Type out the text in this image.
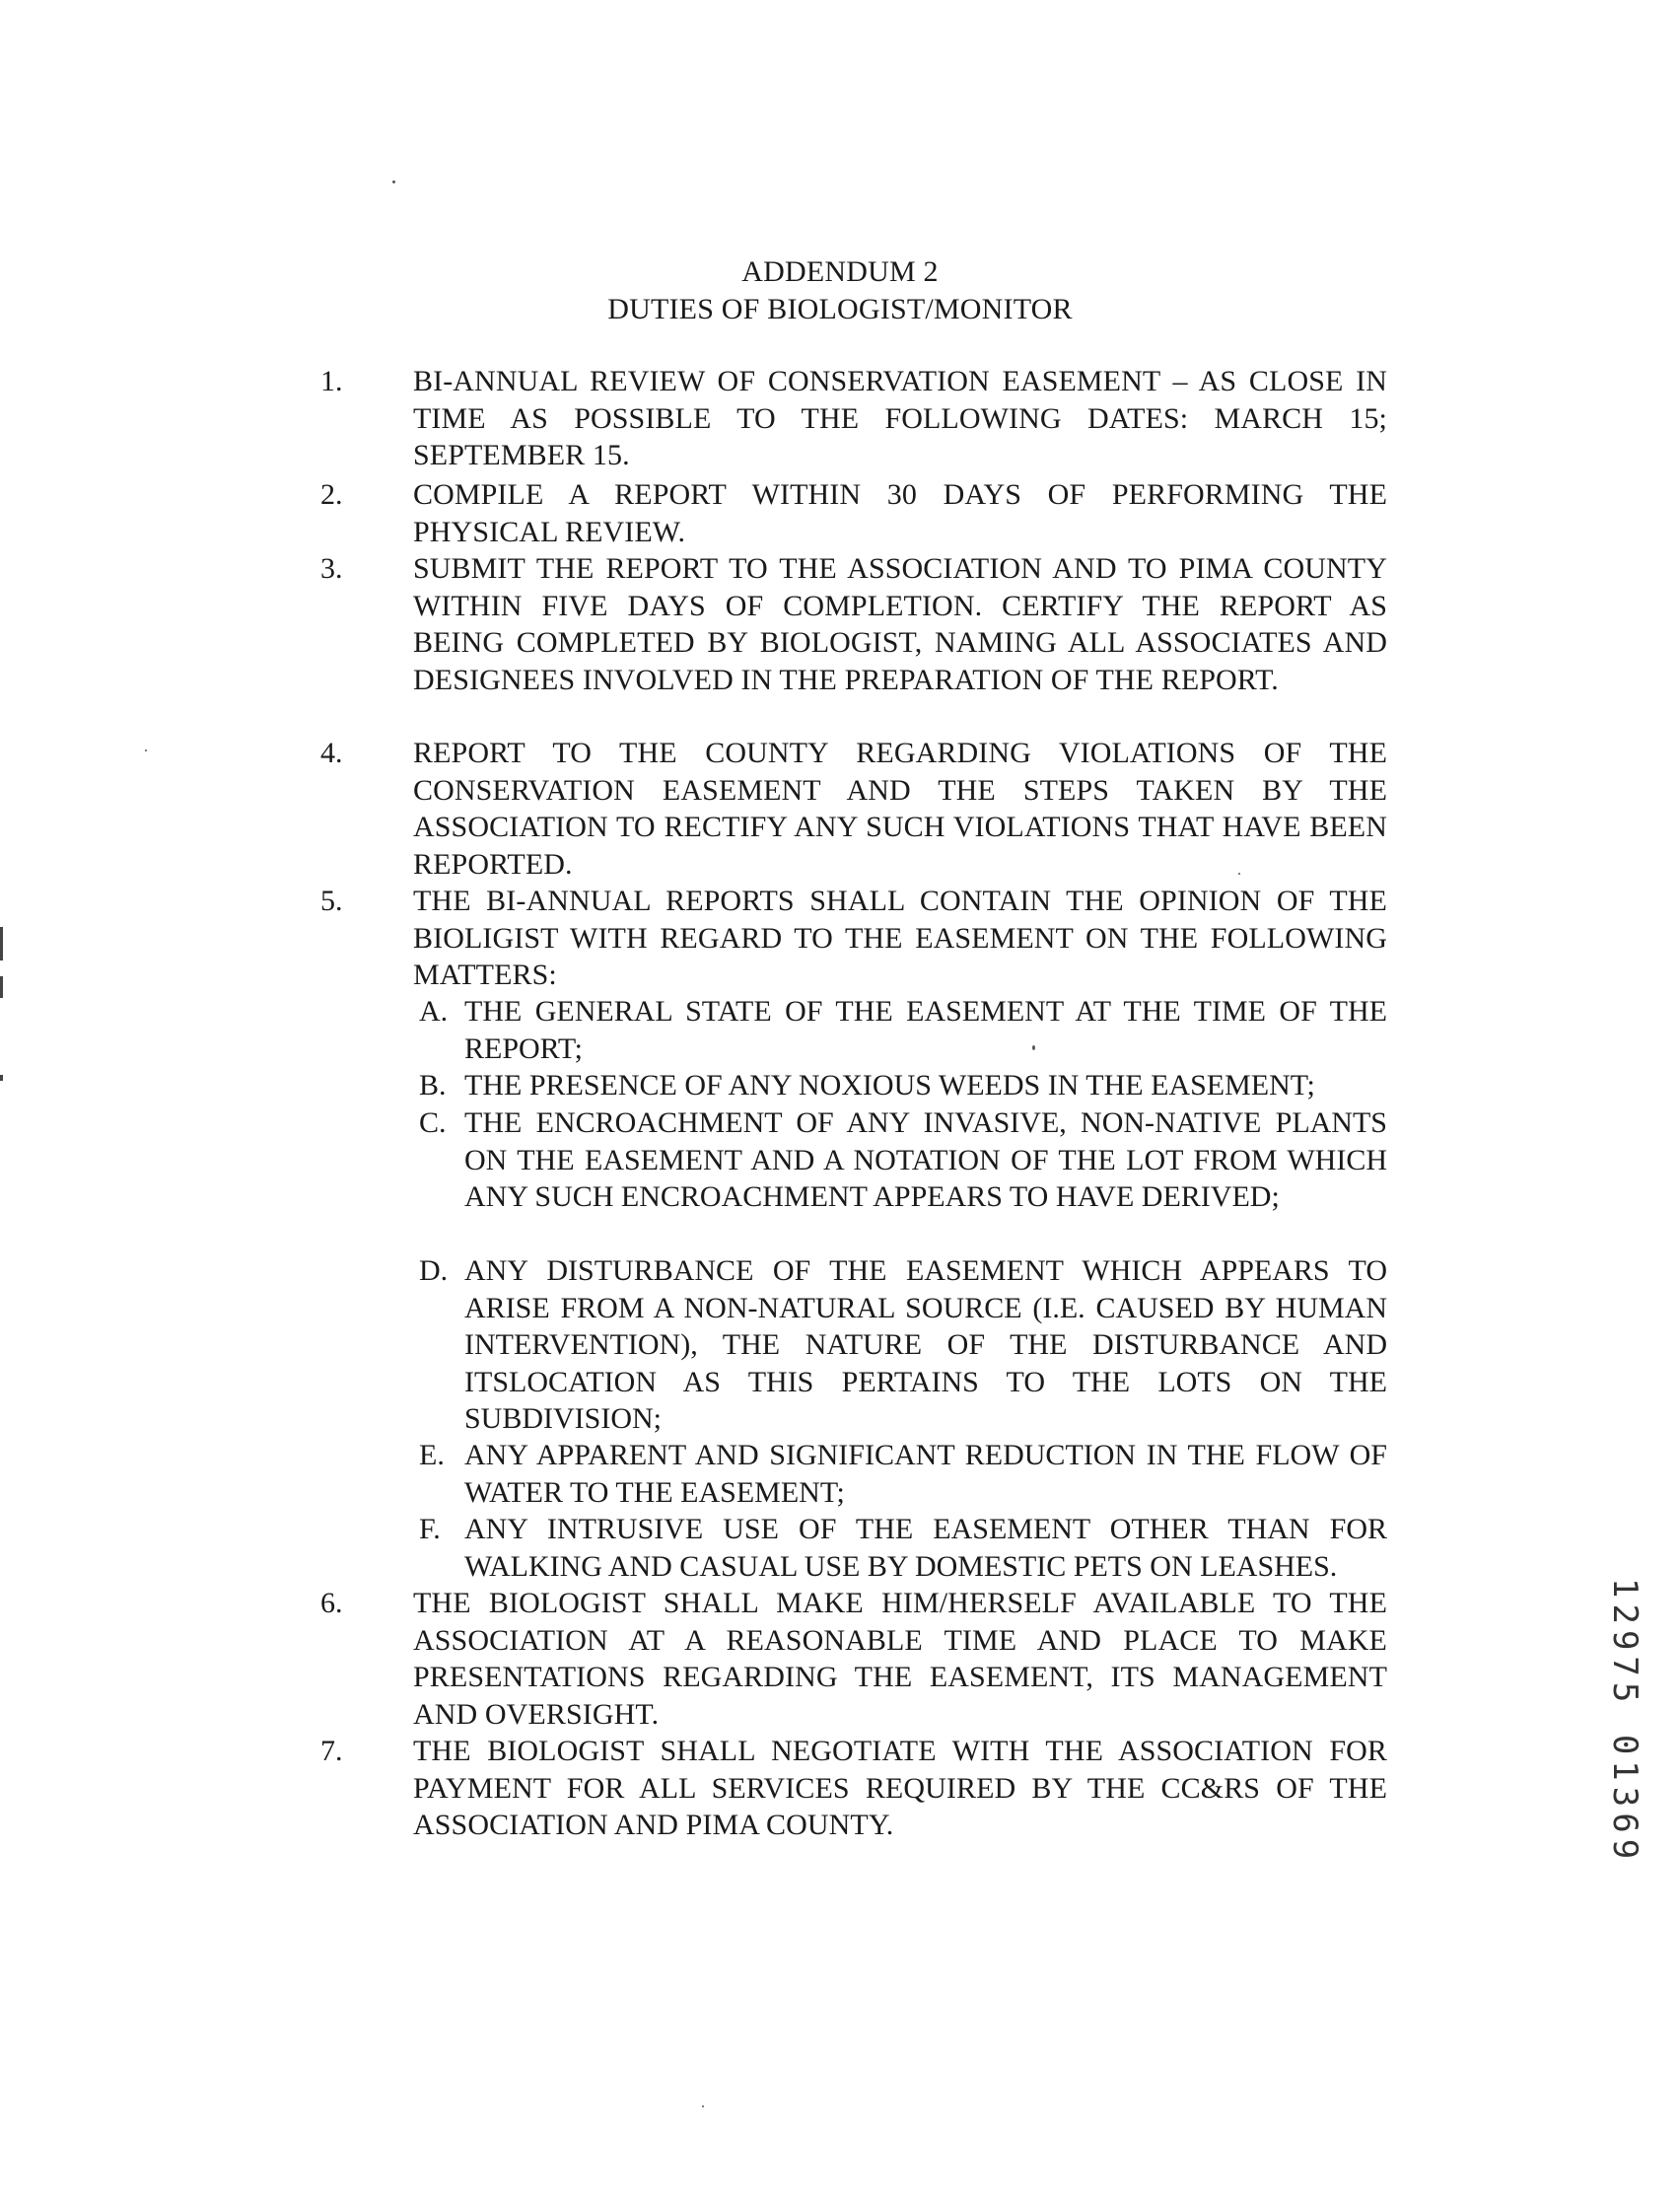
ADDENDUM 2
DUTIES OF BIOLOGIST/MONITOR
1. BI-ANNUAL REVIEW OF CONSERVATION EASEMENT – AS CLOSE IN TIME AS POSSIBLE TO THE FOLLOWING DATES: MARCH 15; SEPTEMBER 15.
2. COMPILE A REPORT WITHIN 30 DAYS OF PERFORMING THE PHYSICAL REVIEW.
3. SUBMIT THE REPORT TO THE ASSOCIATION AND TO PIMA COUNTY WITHIN FIVE DAYS OF COMPLETION. CERTIFY THE REPORT AS BEING COMPLETED BY BIOLOGIST, NAMING ALL ASSOCIATES AND DESIGNEES INVOLVED IN THE PREPARATION OF THE REPORT.
4. REPORT TO THE COUNTY REGARDING VIOLATIONS OF THE CONSERVATION EASEMENT AND THE STEPS TAKEN BY THE ASSOCIATION TO RECTIFY ANY SUCH VIOLATIONS THAT HAVE BEEN REPORTED.
5. THE BI-ANNUAL REPORTS SHALL CONTAIN THE OPINION OF THE BIOLIGIST WITH REGARD TO THE EASEMENT ON THE FOLLOWING MATTERS:
A. THE GENERAL STATE OF THE EASEMENT AT THE TIME OF THE REPORT;
B. THE PRESENCE OF ANY NOXIOUS WEEDS IN THE EASEMENT;
C. THE ENCROACHMENT OF ANY INVASIVE, NON-NATIVE PLANTS ON THE EASEMENT AND A NOTATION OF THE LOT FROM WHICH ANY SUCH ENCROACHMENT APPEARS TO HAVE DERIVED;
D. ANY DISTURBANCE OF THE EASEMENT WHICH APPEARS TO ARISE FROM A NON-NATURAL SOURCE (I.E. CAUSED BY HUMAN INTERVENTION), THE NATURE OF THE DISTURBANCE AND ITSLOCATION AS THIS PERTAINS TO THE LOTS ON THE SUBDIVISION;
E. ANY APPARENT AND SIGNIFICANT REDUCTION IN THE FLOW OF WATER TO THE EASEMENT;
F. ANY INTRUSIVE USE OF THE EASEMENT OTHER THAN FOR WALKING AND CASUAL USE BY DOMESTIC PETS ON LEASHES.
6. THE BIOLOGIST SHALL MAKE HIM/HERSELF AVAILABLE TO THE ASSOCIATION AT A REASONABLE TIME AND PLACE TO MAKE PRESENTATIONS REGARDING THE EASEMENT, ITS MANAGEMENT AND OVERSIGHT.
7. THE BIOLOGIST SHALL NEGOTIATE WITH THE ASSOCIATION FOR PAYMENT FOR ALL SERVICES REQUIRED BY THE CC&RS OF THE ASSOCIATION AND PIMA COUNTY.	12975 01369
